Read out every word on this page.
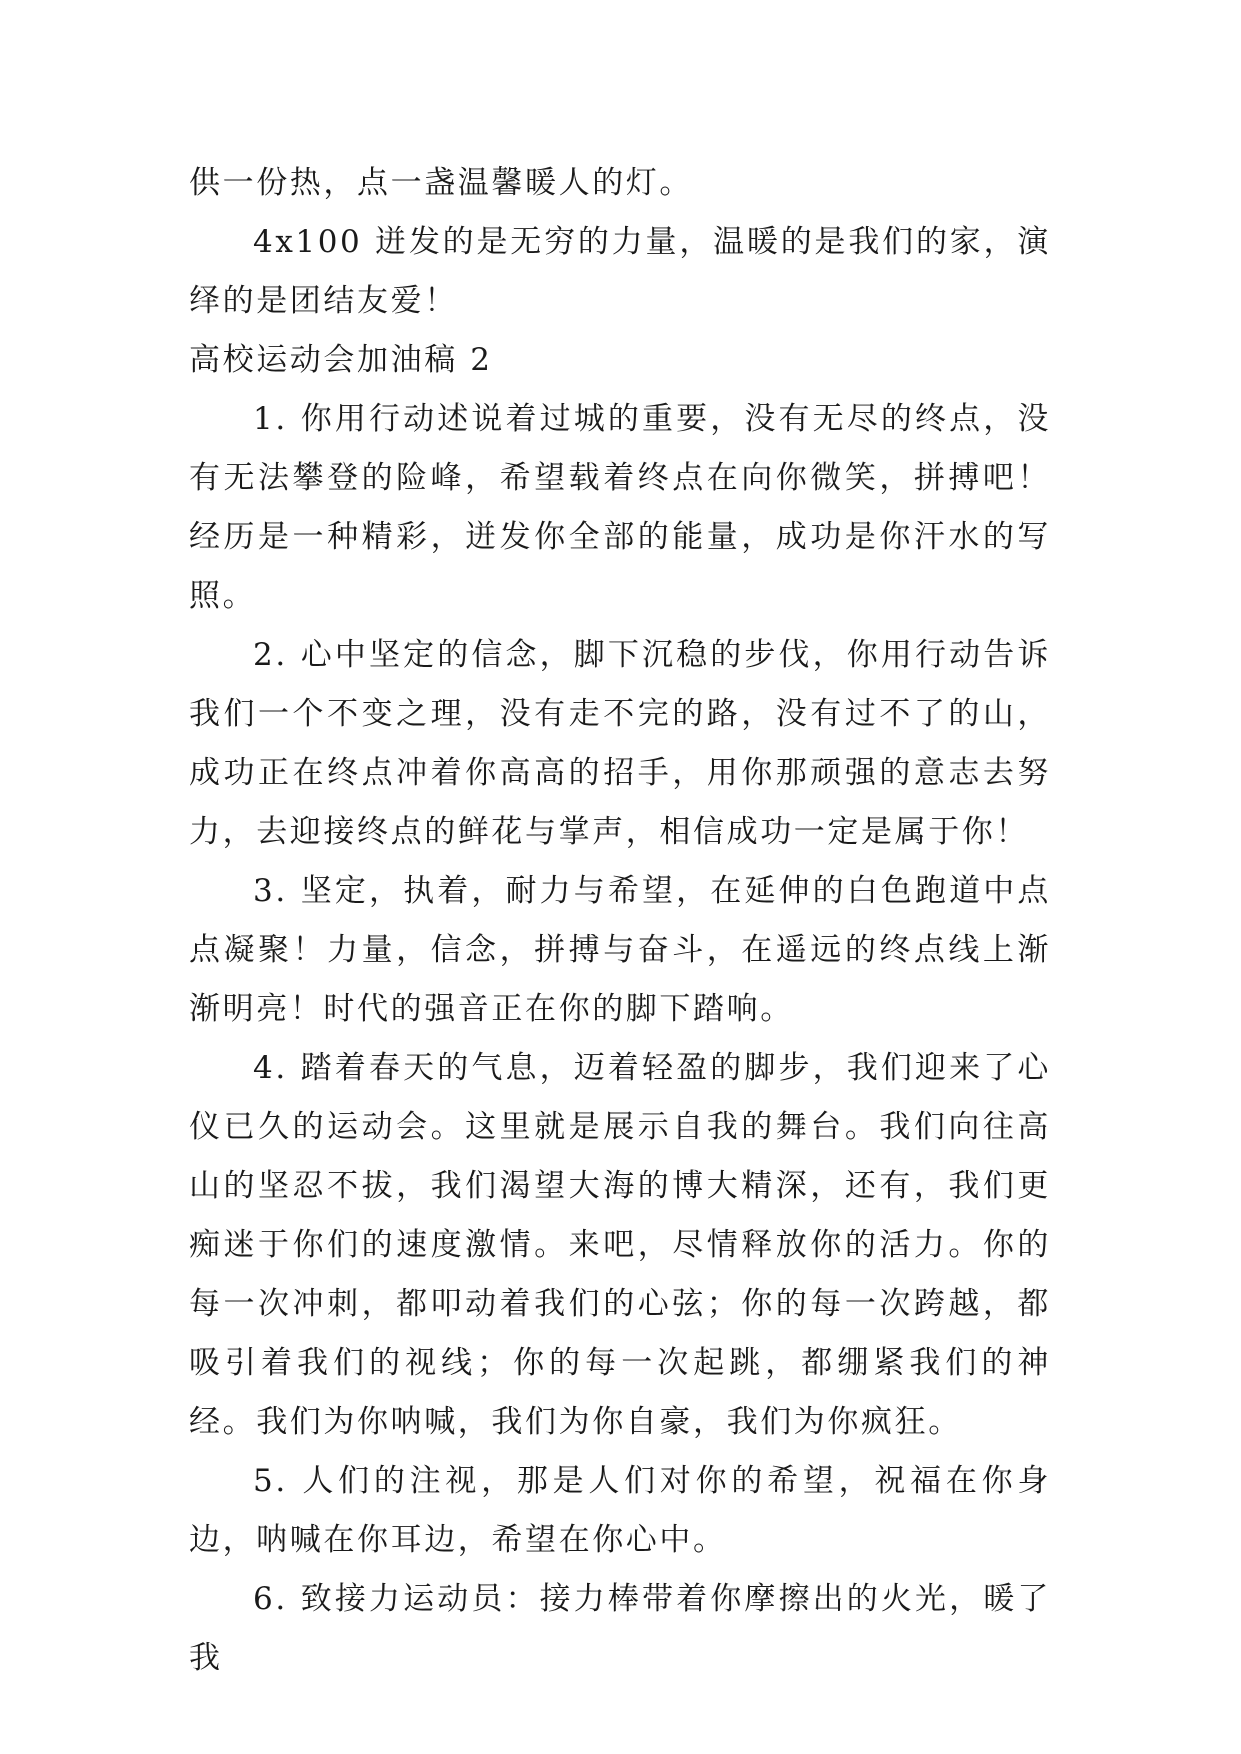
供一份热，点一盏温馨暖人的灯。

4x100 迸发的是无穷的力量，温暖的是我们的家，演绎的是团结友爱！

高校运动会加油稿 2

1. 你用行动述说着过城的重要，没有无尽的终点，没有无法攀登的险峰，希望载着终点在向你微笑，拼搏吧！经历是一种精彩，迸发你全部的能量，成功是你汗水的写照。

2. 心中坚定的信念，脚下沉稳的步伐，你用行动告诉我们一个不变之理，没有走不完的路，没有过不了的山，成功正在终点冲着你高高的招手，用你那顽强的意志去努力，去迎接终点的鲜花与掌声，相信成功一定是属于你！

3. 坚定，执着，耐力与希望，在延伸的白色跑道中点点凝聚！力量，信念，拼搏与奋斗，在遥远的终点线上渐渐明亮！时代的强音正在你的脚下踏响。

4. 踏着春天的气息，迈着轻盈的脚步，我们迎来了心仪已久的运动会。这里就是展示自我的舞台。我们向往高山的坚忍不拔，我们渴望大海的博大精深，还有，我们更痴迷于你们的速度激情。来吧，尽情释放你的活力。你的每一次冲刺，都叩动着我们的心弦；你的每一次跨越，都吸引着我们的视线；你的每一次起跳，都绷紧我们的神经。我们为你呐喊，我们为你自豪，我们为你疯狂。

5. 人们的注视，那是人们对你的希望，祝福在你身边，呐喊在你耳边，希望在你心中。

6. 致接力运动员：接力棒带着你摩擦出的火光，暖了我
